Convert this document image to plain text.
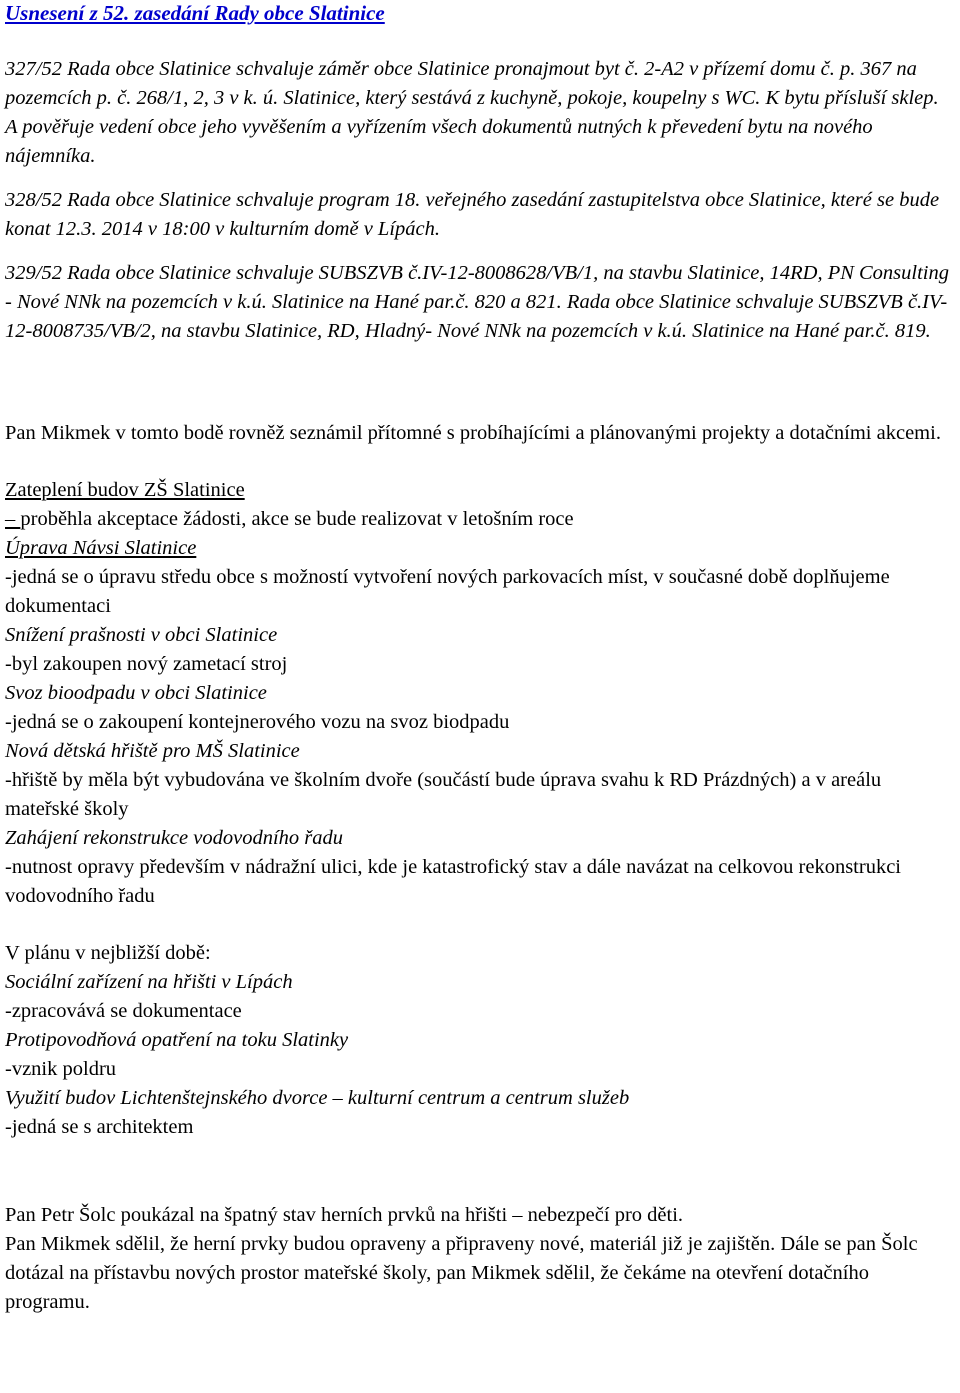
Usnesení z 52. zasedání Rady obce Slatinice

327/52 Rada obce Slatinice schvaluje záměr obce Slatinice pronajmout byt č. 2-A2 v přízemí domu č. p. 367 na pozemcích p. č. 268/1, 2, 3 v k. ú. Slatinice, který sestává z kuchyně, pokoje, koupelny s WC. K bytu přísluší sklep. A pověřuje vedení obce jeho vyvěšením a vyřízením všech dokumentů nutných k převedení bytu na nového nájemníka.

328/52 Rada obce Slatinice schvaluje program 18. veřejného zasedání zastupitelstva obce Slatinice, které se bude konat 12.3. 2014 v 18:00 v kulturním domě v Lípách.

329/52 Rada obce Slatinice schvaluje SUBSZVB č.IV-12-8008628/VB/1, na stavbu Slatinice, 14RD, PN Consulting - Nové NNk na pozemcích v k.ú. Slatinice na Hané par.č. 820 a 821. Rada obce Slatinice schvaluje SUBSZVB č.IV-12-8008735/VB/2, na stavbu Slatinice, RD, Hladný- Nové NNk na pozemcích v k.ú. Slatinice na Hané par.č. 819.

Pan Mikmek v tomto bodě rovněž seznámil přítomné s probíhajícími a plánovanými projekty a dotačními akcemi.

Zateplení budov ZŠ Slatinice

– proběhla akceptace žádosti, akce se bude realizovat v letošním roce

Úprava Návsi Slatinice

-jedná se o úpravu středu obce s možností vytvoření nových parkovacích míst, v současné době doplňujeme dokumentaci

Snížení prašnosti v obci Slatinice

-byl zakoupen nový zametací stroj

Svoz bioodpadu v obci Slatinice

-jedná se o zakoupení kontejnerového vozu na svoz biodpadu

Nová dětská hřiště pro MŠ Slatinice

-hřiště by měla být vybudována ve školním dvoře (součástí bude úprava svahu k RD Prázdných) a v areálu mateřské školy

Zahájení rekonstrukce vodovodního řadu

-nutnost opravy především v nádražní ulici, kde je katastrofický stav a dále navázat na celkovou rekonstrukci vodovodního řadu

V plánu v nejbližší době:

Sociální zařízení na hřišti v Lípách

-zpracovává se dokumentace

Protipovodňová opatření na toku Slatinky

-vznik poldru

Využití budov Lichtenštejnského dvorce – kulturní centrum a centrum služeb

-jedná se s architektem

Pan Petr Šolc poukázal na špatný stav herních prvků na hřišti – nebezpečí pro děti.

Pan Mikmek sdělil, že herní prvky budou opraveny a připraveny nové, materiál již je zajištěn. Dále se pan Šolc dotázal na přístavbu nových prostor mateřské školy, pan Mikmek sdělil, že čekáme na otevření dotačního programu.
